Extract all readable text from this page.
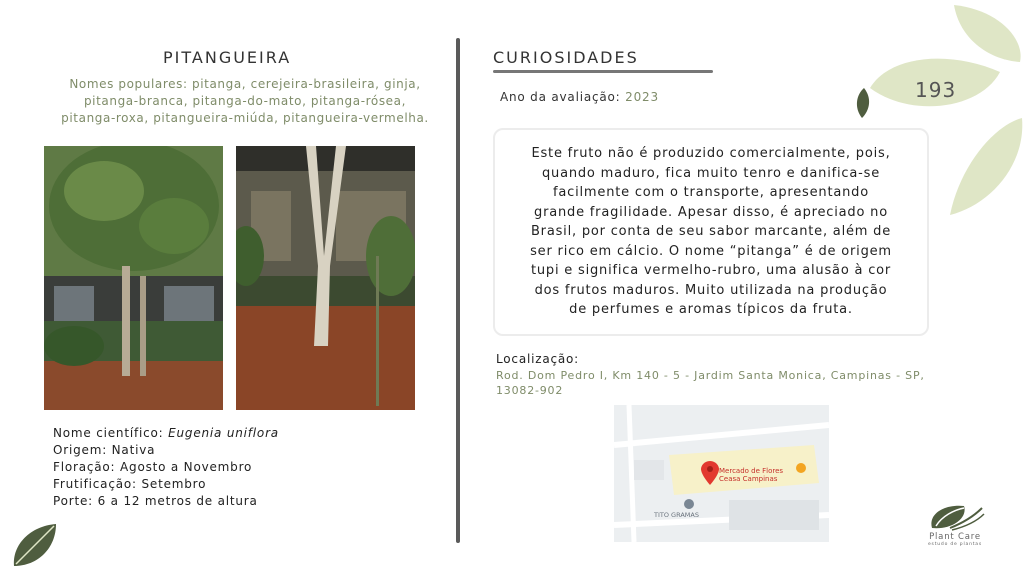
193
PITANGUEIRA
Nomes populares: pitanga, cerejeira-brasileira, ginja,
pitanga-branca, pitanga-do-mato, pitanga-rósea,
pitanga-roxa, pitangueira-miúda, pitangueira-vermelha.
Nome científico: Eugenia uniflora
Origem: Nativa
Floração: Agosto a Novembro
Frutificação: Setembro
Porte: 6 a 12 metros de altura
CURIOSIDADES
Ano da avaliação: 2023
Este fruto não é produzido comercialmente, pois,
quando maduro, fica muito tenro e danifica-se
facilmente com o transporte, apresentando
grande fragilidade. Apesar disso, é apreciado no
Brasil, por conta de seu sabor marcante, além de
ser rico em cálcio. O nome “pitanga” é de origem
tupi e significa vermelho-rubro, uma alusão à cor
dos frutos maduros. Muito utilizada na produção
de perfumes e aromas típicos da fruta.
Localização:
Rod. Dom Pedro I, Km 140 - 5 - Jardim Santa Monica, Campinas - SP,
13082-902
Mercado de Flores
Ceasa Campinas
TITO GRAMAS
Plant Care
estudo de plantas
